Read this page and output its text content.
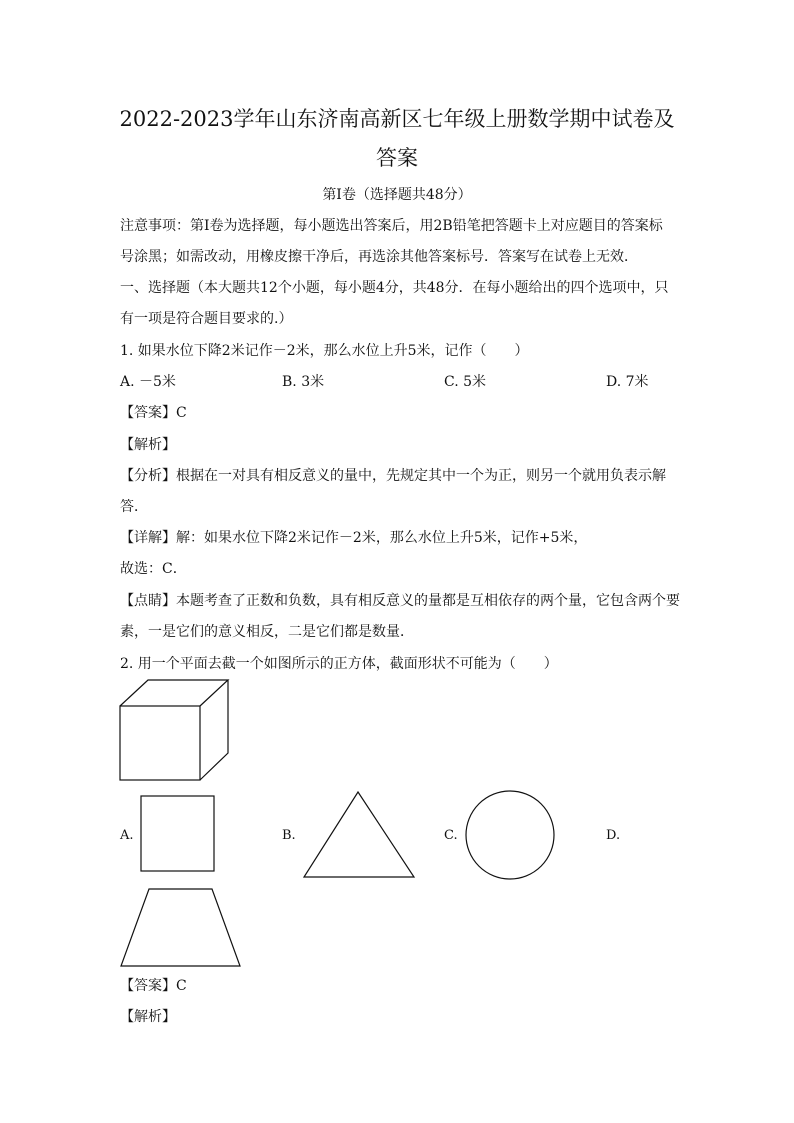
2022-2023学年山东济南高新区七年级上册数学期中试卷及
答案
第I卷（选择题共48分）
注意事项：第I卷为选择题，每小题选出答案后，用2B铅笔把答题卡上对应题目的答案标
号涂黑；如需改动，用橡皮擦干净后，再选涂其他答案标号．答案写在试卷上无效．
一、选择题（本大题共12个小题，每小题4分，共48分．在每小题给出的四个选项中，只
有一项是符合题目要求的.）
1. 如果水位下降2米记作－2米，那么水位上升5米，记作（　　）
A. －5米	B. 3米	C. 5米	D. 7米
【答案】C
【解析】
【分析】根据在一对具有相反意义的量中，先规定其中一个为正，则另一个就用负表示解
答．
【详解】解：如果水位下降2米记作－2米，那么水位上升5米，记作+5米，
故选：C．
【点睛】本题考查了正数和负数，具有相反意义的量都是互相依存的两个量，它包含两个要
素，一是它们的意义相反，二是它们都是数量．
2. 用一个平面去截一个如图所示的正方体，截面形状不可能为（　　）
A.	B.	C.	D.
【答案】C
【解析】
